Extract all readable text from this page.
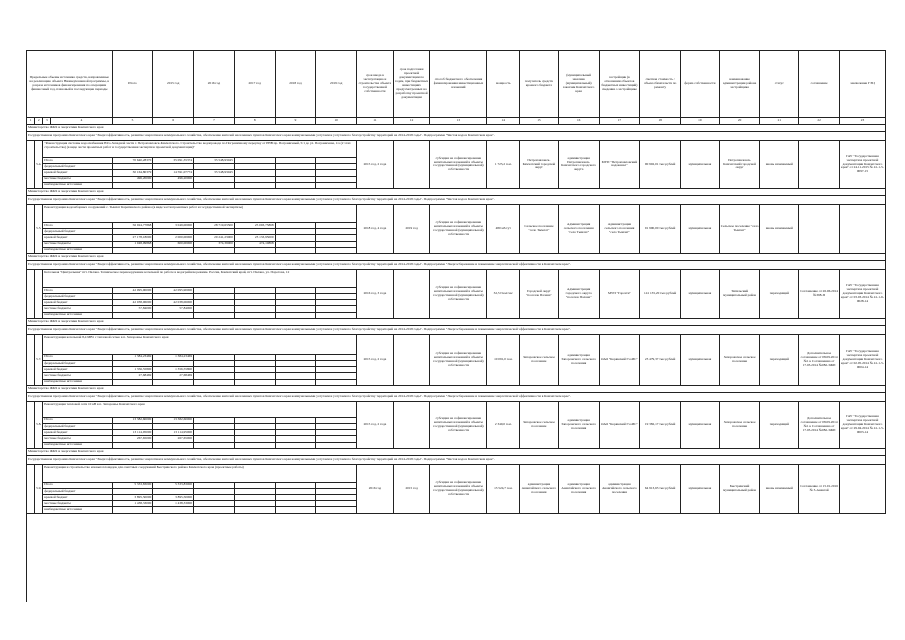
Предельные объемы источника средств, направленные на реализацию объекта Нижнеуказанной программы, в разрезе источников финансирования по операциям финансовый год, плановый и последующие периоды				Итого	2015 год	2016 год	2017 год	2018 год	2019 год	срок ввода в эксплуатацию и строительства объекта государственной собственности	срок подготовки проектной документации по годам, при бюджетных инвестициях предусмотренных на разработку проектной документации	способ бюджетного обеспечения финансирования инвестиционных вложений	мощность	получатель средств краевого бюджета	(муниципальный заказчик (муниципальный) заказчик Камчатского края	застройщик (в отношении объектов бюджетных инвестиций) сведения о застройщике	сметная стоимость / объем обязательств по ремонту	форма собственности	наименование администрации района застройщика	статус	соглашение	заключение ГЭЦ
1	2	3	4	5	6	7	8	9	10	11	12	13	14	15	16	17	18	19	20	21	22	23
Министерство ЖКХ и энергетики Камчатского края																						
Государственная программа Камчатского края "Энергоэффективность, развитие энергетики и коммунального хозяйства, обеспечение жителей населенных пунктов Камчатского края коммунальными услугами и услугами по благоустройству территорий на 2014-2018 годы". Подпрограмма "Чистая вода в Камчатском крае".																						
	5.4.	"Реконструкция системы водоснабжения Юго-Западной части г. Петропавловск-Камчатского. Строительство водопровода по Пограничному переулку от РНВ пр. Пограничный, 5/1 до ул. Пограничная, 1/а (2 этап строительства) (в виде части проектных работ и государственная экспертиза проектной документации)"								2015 год, 2 года		субсидия на софинансирование капитальных вложений в объекты государственной (муниципальной) собственности	1 725,2 п.м.	Петропавловск-Камчатский городской округ	администрация Петропавловск-Камчатского городского округа	МУП "Петропавловский водоканал"	90 902,01 тыс.рублей	муниципальная	Петропавловск-Камчатский городской округ	вновь начинаемый		ГАУ "Государственная экспертиза проектной документации Камчатского края" от 24.11.2015 № 41-1-5-0097-15
		Итого		70 640,28370	35 091,35374	35 548,93045																
		федеральный бюджет																				
		краевой бюджет		30 164,80379	14 591,07774	35 548,93045																
		местные бюджеты		496,20000	496,20000																	
		внебюджетные источники																				
Министерство ЖКХ и энергетики Камчатского края																						
Государственная программа Камчатского края "Энергоэффективность, развитие энергетики и коммунального хозяйства, обеспечение жителей населенных пунктов Камчатского края коммунальными услугами и услугами по благоустройству территорий на 2014-2018 годы". Подпрограмма "Чистая вода в Камчатском крае".																						
	5.5.	Реконструкция водозаборных сооружений с. Тымлат Карагинского района (в виде части проектных работ и государственной экспертизы)								2018 год, 4 года	2019 год	субсидия на софинансирование капитальных вложений в объекты государственной (муниципальной) собственности	480 м3/сут	Сельское поселение "село Тымлат"	Администрация сельского поселения "село Тымлат"	Администрация сельского поселения "село Тымлат"	91 990,00 тыс.рублей	муниципальная	Сельское поселение "село Тымлат"	вновь начинаемый		
		Итого		56 924,77868	3 049,00000	28 719,63500	25 093,75868															
		федеральный бюджет																				
		краевой бюджет		27 178,18000	2 000,00000	20 241,23000	23 133,95000															
		местные бюджеты		1 048,99868	600,00000	374,39000	474,10868															
		внебюджетные источники																				
Министерство ЖКХ и энергетики Камчатского края																						
Государственная программа Камчатского края "Энергоэффективность, развитие энергетики и коммунального хозяйства, обеспечение жителей населенных пунктов Камчатского края коммунальными услугами и услугами по благоустройству территорий на 2014-2018 годы". Подпрограмма "Энергосбережение и повышение энергетической эффективности в Камчатском крае".																						
		Котельная "Центральная" пгт. Палана. Техническое перевооружение котельной по работе в водогрейном режиме. Россия, Камчатский край, пгт. Палана, ул. Поротова, 12								2016 год, 3 года		субсидия на софинансирование капитальных вложений в объекты государственной (муниципальной) собственности	32,5 Гкал/час	Городской округ "поселок Палана"	Администрация городского округа "поселок Палана"	МУП "Горсети"	141 135,20 тыс.рублей	муниципальная	Тигильский муниципальный район	переходящий	Соглашение от 26.06.2014 №398-П	ГАУ "Государственная экспертиза проектной документации Камчатского края" от 03.03.2014 № 41-1-6-0028-14
		Итого		42 095,90000	42 095,90000																	
		федеральный бюджет																				
		краевой бюджет		42 038,06000	42 038,06000																	
		местные бюджеты		57,84000	57,84000																	
		внебюджетные источники																				
Министерство ЖКХ и энергетики Камчатского края																						
Государственная программа Камчатского края "Энергоэффективность, развитие энергетики и коммунального хозяйства, обеспечение жителей населенных пунктов Камчатского края коммунальными услугами и услугами по благоустройству территорий на 2014-2018 годы". Подпрограмма "Энергосбережение и повышение энергетической эффективности в Камчатском крае".																						
	5.7.	Реконструкция котельной 8,4 МВт с тепловой сетью в п. Запорожье Камчатского края								2015 год, 2 года		субсидия на софинансирование капитальных вложений в объекты государственной (муниципальной) собственности	10 091,0 п.м.	Запорожское сельское поселение	администрация Запорожского сельского поселения	ОАО "Корякский ГэоИС"	23 479,37 тыс.рублей	муниципальная	Запорожское сельское поселение	переходящий	Дополнительное соглашение от 08.09.2014 №1 к Соглашению от 17.03.2014 №082-3ЖП	ГАУ "Государственная экспертиза проектной документации Камчатского края" от 02.05.2014 № 41-1-5-0004-14
		Итого		1 384,23469	1 384,23469																	
		федеральный бюджет																				
		краевой бюджет		1 356,55800	1 356,55800																	
		местные бюджеты		27,68469	27,68469																	
		внебюджетные источники																				
Министерство ЖКХ и энергетики Камчатского края																						
Государственная программа Камчатского края "Энергоэффективность, развитие энергетики и коммунального хозяйства, обеспечение жителей населенных пунктов Камчатского края коммунальными услугами и услугами по благоустройству территорий на 2014-2018 годы". Подпрограмма "Энергосбережение и повышение энергетической эффективности в Камчатском крае".																						
	5.8.	Реконструкция тепловой сети 10 кВ в п. Запорожье Камчатского края								2015 год, 2 года		субсидия на софинансирование капитальных вложений в объекты государственной (муниципальной) собственности	2 340,0 п.м.	Запорожское сельское поселение	администрация Запорожского сельского поселения	ОАО "Корякский ГэоИС"	19 382,17 тыс.рублей	муниципальная	Запорожское сельское поселение	переходящий	Дополнительное соглашение от 08.09.2014 №1 к Соглашению от 17.03.2014 №082-3ЖП	ГАУ "Государственная экспертиза проектной документации Камчатского края" от 29.04.2014 № 41-1-5-0003-14
		Итого		13 382,60000	13 382,60000																	
		федеральный бюджет																				
		краевой бюджет		13 114,95000	13 114,95000																	
		местные бюджеты		267,65000	267,65000																	
		внебюджетные источники																				
Министерство ЖКХ и энергетики Камчатского края																						
Государственная программа Камчатского края "Энергоэффективность, развитие энергетики и коммунального хозяйства, обеспечение жителей населенных пунктов Камчатского края коммунальными услугами и услугами по благоустройству территорий на 2014-2018 годы". Подпрограмма "Чистая вода в Камчатском крае".																						
	5.9.	Реконструкция и строительство иловых площадок для очистных сооружений Быстринского района Камчатского края (проектные работы)								2016 год	2015 год	субсидия на софинансирование капитальных вложений в объекты государственной (муниципальной) собственности	13 524,7 п.м.	администрация Анавгайского сельского поселения	администрация Анавгайского сельского поселения	администрация Анавгайского сельского поселения	64 913,63 тыс.рублей	муниципальная	Быстринский муниципальный район	вновь начинаемый	Соглашение от 15.01.2016 № 3-Анавгай	
		Итого		5 333,83000	5 333,83000																	
		федеральный бюджет																				
		краевой бюджет		3 895,50000	3 895,50000																	
		местные бюджеты		1 438,33000	1 438,33000																	
		внебюджетные источники																				
